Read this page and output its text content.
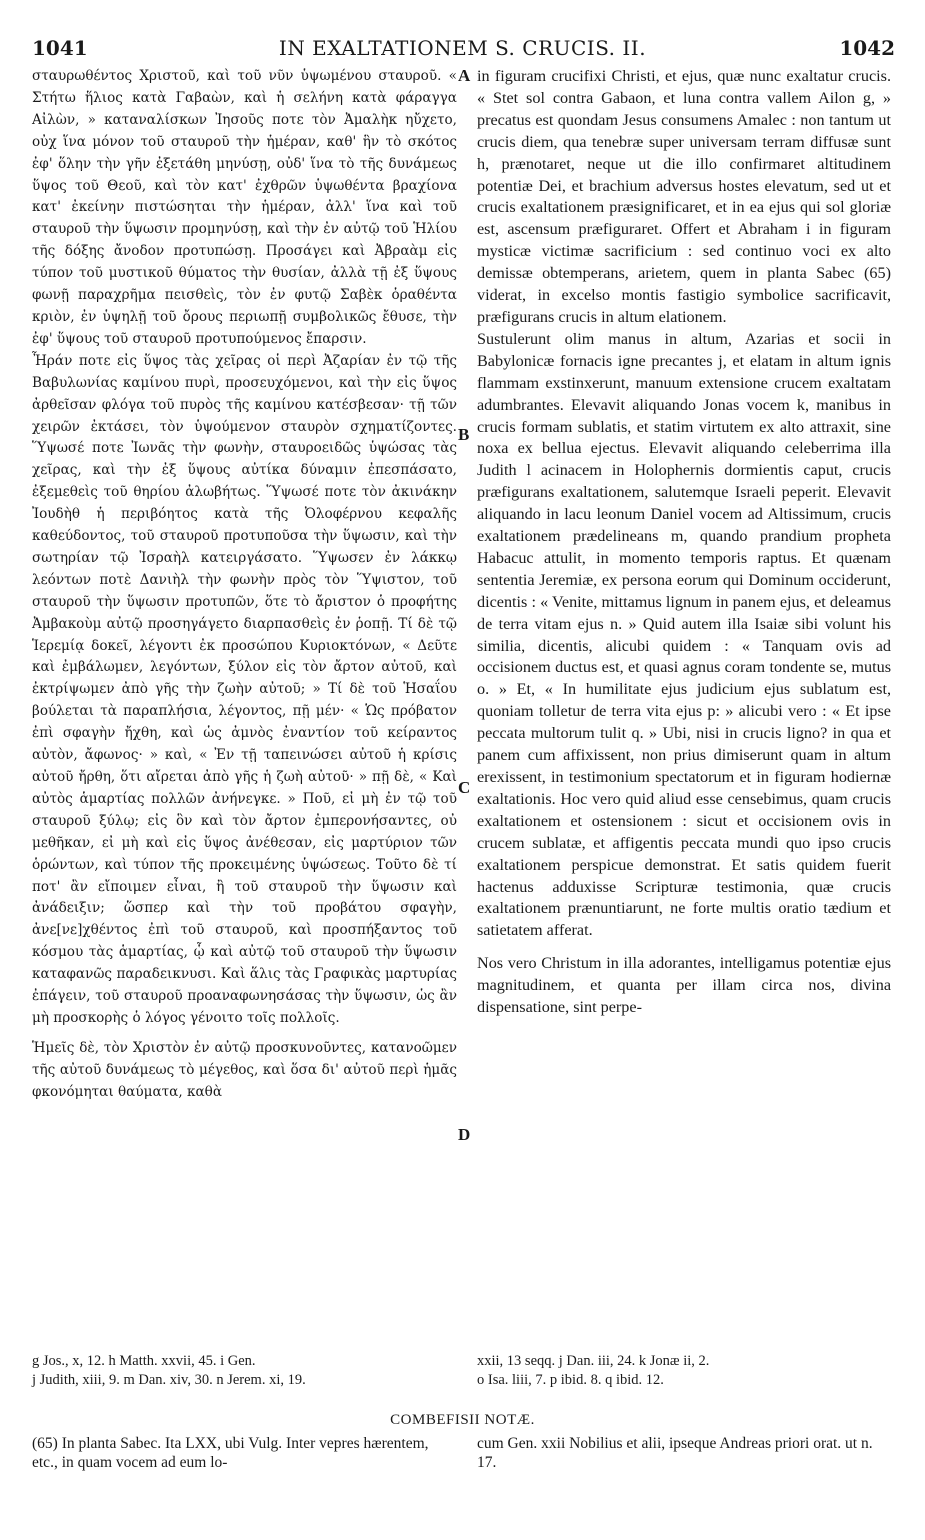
1041	IN EXALTATIONEM S. CRUCIS. II.	1042

σταυρωθέντος Χριστοῦ, καὶ τοῦ νῦν ὑψωμένου σταυροῦ. « Στήτω ἥλιος κατὰ Γαβαὼν, καὶ ἡ σελήνη κατὰ φάραγγα Αἰλὼν, » καταναλίσκων Ἰησοῦς ποτε τὸν Ἀμαλὴκ ηὔχετο, οὐχ ἵνα μόνον τοῦ σταυροῦ τὴν ἡμέραν, καθ' ἣν τὸ σκότος ἐφ' ὅλην τὴν γῆν ἐξετάθη μηνύσῃ, οὐδ' ἵνα τὸ τῆς δυνάμεως ὕψος τοῦ Θεοῦ, καὶ τὸν κατ' ἐχθρῶν ὑψωθέντα βραχίονα κατ' ἐκείνην πιστώσηται τὴν ἡμέραν, ἀλλ' ἵνα καὶ τοῦ σταυροῦ τὴν ὕψωσιν προμηνύσῃ, καὶ τὴν ἐν αὐτῷ τοῦ Ἡλίου τῆς δόξης ἄνοδον προτυπώσῃ. Προσάγει καὶ Ἀβραὰμ εἰς τύπον τοῦ μυστικοῦ θύματος τὴν θυσίαν, ἀλλὰ τῇ ἐξ ὕψους φωνῇ παραχρῆμα πεισθεὶς, τὸν ἐν φυτῷ Σαβὲκ ὁραθέντα κριὸν, ἐν ὑψηλῇ τοῦ ὄρους περιωπῇ συμβολικῶς ἔθυσε, τὴν ἐφ' ὕψους τοῦ σταυροῦ προτυπούμενος ἔπαρσιν.

Ἦράν ποτε εἰς ὕψος τὰς χεῖρας οἱ περὶ Ἀζαρίαν ἐν τῷ τῆς Βαβυλωνίας καμίνου πυρὶ, προσευχόμενοι, καὶ τὴν εἰς ὕψος ἀρθεῖσαν φλόγα τοῦ πυρὸς τῆς καμίνου κατέσβεσαν· τῇ τῶν χειρῶν ἐκτάσει, τὸν ὑψούμενον σταυρὸν σχηματίζοντες. Ὕψωσέ ποτε Ἰωνᾶς τὴν φωνὴν, σταυροειδῶς ὑψώσας τὰς χεῖρας, καὶ τὴν ἐξ ὕψους αὐτίκα δύναμιν ἐπεσπάσατο, ἐξεμεθεὶς τοῦ θηρίου ἀλωβήτως. Ὕψωσέ ποτε τὸν ἀκινάκην Ἰουδὴθ ἡ περιβόητος κατὰ τῆς Ὀλοφέρνου κεφαλῆς καθεύδοντος, τοῦ σταυροῦ προτυποῦσα τὴν ὕψωσιν, καὶ τὴν σωτηρίαν τῷ Ἰσραὴλ κατειργάσατο. Ὕψωσεν ἐν λάκκῳ λεόντων ποτὲ Δανιὴλ τὴν φωνὴν πρὸς τὸν Ὕψιστον, τοῦ σταυροῦ τὴν ὕψωσιν προτυπῶν, ὅτε τὸ ἄριστον ὁ προφήτης Ἀμβακοὺμ αὐτῷ προσηγάγετο διαρπασθεὶς ἐν ῥοπῇ. Τί δὲ τῷ Ἱερεμίᾳ δοκεῖ, λέγοντι ἐκ προσώπου Κυριοκτόνων, « Δεῦτε καὶ ἐμβάλωμεν, λεγόντων, ξύλον εἰς τὸν ἄρτον αὐτοῦ, καὶ ἐκτρίψωμεν ἀπὸ γῆς τὴν ζωὴν αὐτοῦ; » Τί δὲ τοῦ Ἡσαΐου βούλεται τὰ παραπλήσια, λέγοντος, πῇ μέν· « Ὡς πρόβατον ἐπὶ σφαγὴν ἤχθη, καὶ ὡς ἀμνὸς ἐναντίον τοῦ κείραντος αὐτὸν, ἄφωνος· » καὶ, « Ἐν τῇ ταπεινώσει αὐτοῦ ἡ κρίσις αὐτοῦ ἤρθη, ὅτι αἴρεται ἀπὸ γῆς ἡ ζωὴ αὐτοῦ· » πῇ δὲ, « Καὶ αὐτὸς ἁμαρτίας πολλῶν ἀνήνεγκε. » Ποῦ, εἰ μὴ ἐν τῷ τοῦ σταυροῦ ξύλῳ; εἰς ὃν καὶ τὸν ἄρτον ἐμπερονήσαντες, οὐ μεθῆκαν, εἰ μὴ καὶ εἰς ὕψος ἀνέθεσαν, εἰς μαρτύριον τῶν ὁρώντων, καὶ τύπον τῆς προκειμένης ὑψώσεως. Τοῦτο δὲ τί ποτ' ἂν εἴποιμεν εἶναι, ἢ τοῦ σταυροῦ τὴν ὕψωσιν καὶ ἀνάδειξιν; ὥσπερ καὶ τὴν τοῦ προβάτου σφαγὴν, ἀνε[νε]χθέντος ἐπὶ τοῦ σταυροῦ, καὶ προσπήξαντος τοῦ κόσμου τὰς ἁμαρτίας, ᾧ καὶ αὐτῷ τοῦ σταυροῦ τὴν ὕψωσιν καταφανῶς παραδεικνυσι. Καὶ ἅλις τὰς Γραφικὰς μαρτυρίας ἐπάγειν, τοῦ σταυροῦ προαναφωνησάσας τὴν ὕψωσιν, ὡς ἂν μὴ προσκορὴς ὁ λόγος γένοιτο τοῖς πολλοῖς.

Ἡμεῖς δὲ, τὸν Χριστὸν ἐν αὐτῷ προσκυνοῦντες, κατανοῶμεν τῆς αὐτοῦ δυνάμεως τὸ μέγεθος, καὶ ὅσα δι' αὐτοῦ περὶ ἡμᾶς φκονόμηται θαύματα, καθὰ

in figuram crucifixi Christi, et ejus, quæ nunc exaltatur crucis. « Stet sol contra Gabaon, et luna contra vallem Ailon g, » precatus est quondam Jesus consumens Amalec : non tantum ut crucis diem, qua tenebræ super universam terram diffusæ sunt h, prænotaret, neque ut die illo confirmaret altitudinem potentiæ Dei, et brachium adversus hostes elevatum, sed ut et crucis exaltationem præsignificaret, et in ea ejus qui sol gloriæ est, ascensum præfiguraret. Offert et Abraham i in figuram mysticæ victimæ sacrificium : sed continuo voci ex alto demissæ obtemperans, arietem, quem in planta Sabec (65) viderat, in excelso montis fastigio symbolice sacrificavit, præfigurans crucis in altum elationem.

Sustulerunt olim manus in altum, Azarias et socii in Babylonicæ fornacis igne precantes j, et elatam in altum ignis flammam exstinxerunt, manuum extensione crucem exaltatam adumbrantes. Elevavit aliquando Jonas vocem k, manibus in crucis formam sublatis, et statim virtutem ex alto attraxit, sine noxa ex bellua ejectus. Elevavit aliquando celeberrima illa Judith l acinacem in Holophernis dormientis caput, crucis præfigurans exaltationem, salutemque Israeli peperit. Elevavit aliquando in lacu leonum Daniel vocem ad Altissimum, crucis exaltationem prædelineans m, quando prandium propheta Habacuc attulit, in momento temporis raptus. Et quænam sententia Jeremiæ, ex persona eorum qui Dominum occiderunt, dicentis : « Venite, mittamus lignum in panem ejus, et deleamus de terra vitam ejus n. » Quid autem illa Isaiæ sibi volunt his similia, dicentis, alicubi quidem : « Tanquam ovis ad occisionem ductus est, et quasi agnus coram tondente se, mutus o. » Et, « In humilitate ejus judicium ejus sublatum est, quoniam tolletur de terra vita ejus p: » alicubi vero : « Et ipse peccata multorum tulit q. » Ubi, nisi in crucis ligno? in qua et panem cum affixissent, non prius dimiserunt quam in altum erexissent, in testimonium spectatorum et in figuram hodiernæ exaltationis. Hoc vero quid aliud esse censebimus, quam crucis exaltationem et ostensionem : sicut et occisionem ovis in crucem sublatæ, et affigentis peccata mundi quo ipso crucis exaltationem perspicue demonstrat. Et satis quidem fuerit hactenus adduxisse Scripturæ testimonia, quæ crucis exaltationem prænuntiarunt, ne forte multis oratio tædium et satietatem afferat.

Nos vero Christum in illa adorantes, intelligamus potentiæ ejus magnitudinem, et quanta per illam circa nos, divina dispensatione, sint perpe-

A
B
C
D
g Jos., x, 12. h Matth. xxvii, 45. i Gen.
j Judith, xiii, 9. m Dan. xiv, 30. n Jerem. xi, 19.
xxii, 13 seqq. j Dan. iii, 24. k Jonæ ii, 2.
o Isa. liii, 7. p ibid. 8. q ibid. 12.
COMBEFISII NOTÆ.
(65) In planta Sabec. Ita LXX, ubi Vulg. Inter vepres hærentem, etc., in quam vocem ad eum lo-
cum Gen. xxii Nobilius et alii, ipseque Andreas priori orat. ut n. 17.
